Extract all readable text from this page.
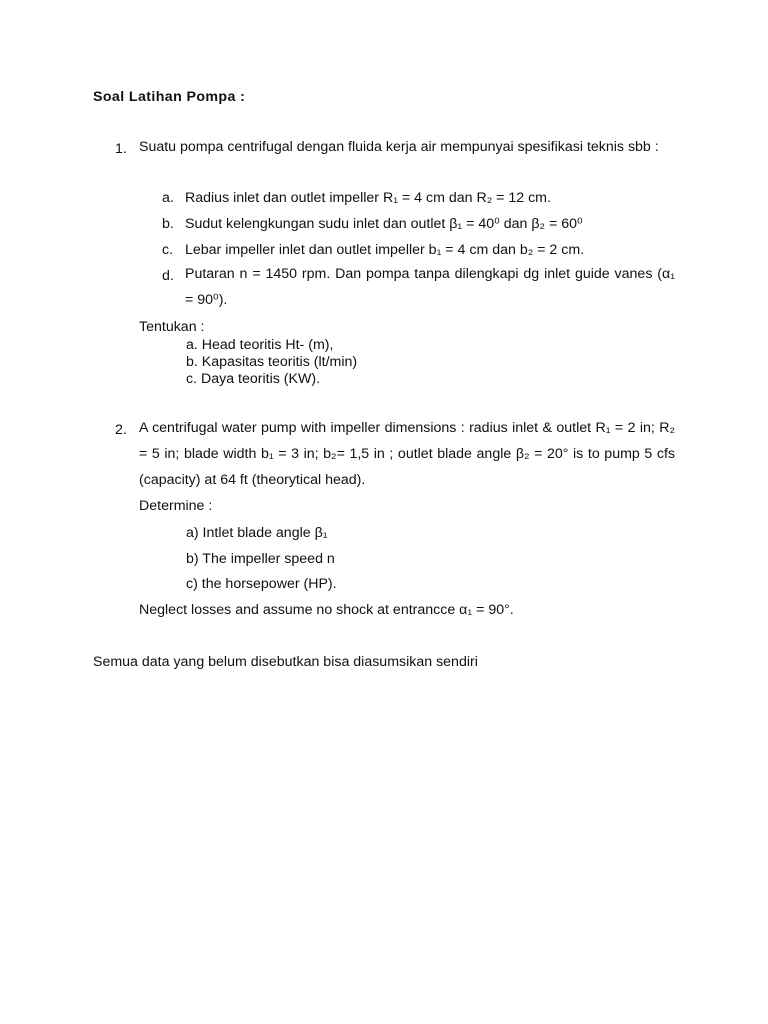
Soal Latihan Pompa :
1. Suatu pompa centrifugal dengan fluida kerja air mempunyai spesifikasi teknis sbb :
a. Radius inlet dan outlet impeller R₁ = 4 cm dan R₂ = 12 cm.
b. Sudut kelengkungan sudu inlet dan outlet β₁ = 40⁰ dan β₂ = 60⁰
c. Lebar impeller inlet dan outlet impeller b₁ = 4 cm dan b₂ = 2 cm.
d. Putaran n = 1450 rpm. Dan pompa tanpa dilengkapi dg inlet guide vanes (α₁ = 90⁰).
Tentukan :
a. Head teoritis Ht- (m),
b. Kapasitas teoritis (lt/min)
c. Daya teoritis (KW).
2. A centrifugal water pump with impeller dimensions : radius inlet & outlet R₁ = 2 in; R₂ = 5 in; blade width b₁ = 3 in; b₂= 1,5 in ; outlet blade angle β₂ = 20° is to pump 5 cfs (capacity) at 64 ft (theorytical head).
Determine :
a) Intlet blade angle β₁
b) The impeller speed n
c) the horsepower (HP).
Neglect losses and assume no shock at entrancce α₁ = 90°.
Semua data yang belum disebutkan bisa diasumsikan sendiri
